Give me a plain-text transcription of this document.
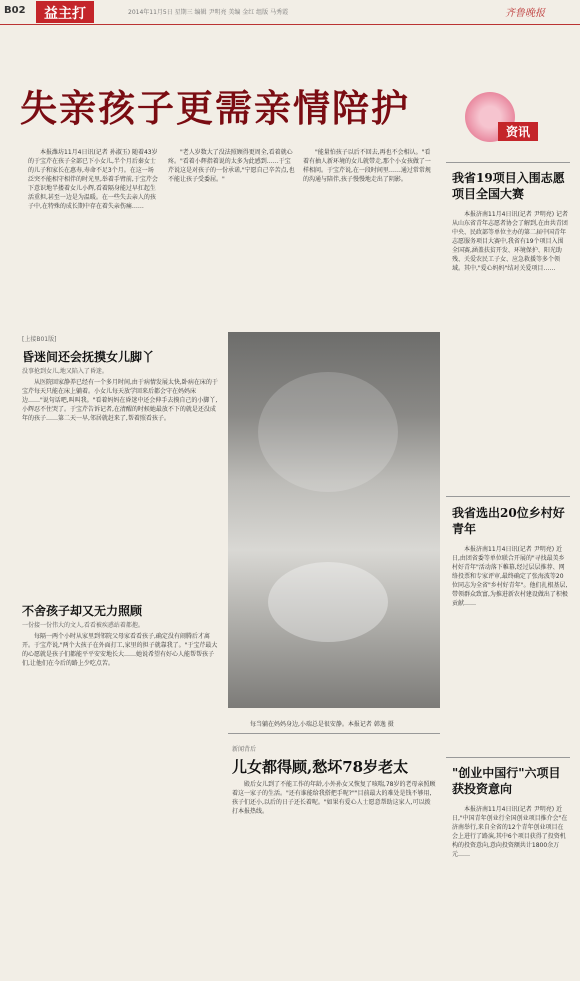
B02	益主打	2014年11月5日 星期三 编辑 尹明亮 美编 金红 组版 马秀霞	齐鲁晚报
失亲孩子更需亲情陪护
资讯

本报潍坊11月4日讯(记者 孙淑玉) 随着43岁的于宝芹在孩子全部已下小女儿,半个月后秦女士的儿子和家长在惠寿,寿命不足3个月。在这一场泛突不能相守相伴的时光里,举着手臂前,于宝芹会下意识地半搂着女儿小辉,看着隔身能过早扛起生活重担,甚至一边是为温暖。在一些失去亲人的孩子中,在特殊的成长期中存在着失亲伤痛……

"老人岁数大了没法照顾得更周全,看着就心疼。"看着小辉指着说的太多为此感到……于宝芹说这是对孩子的一份承诺,"宁愿自己辛苦点,也不能让孩子受委屈。"

"能量怕孩子以后不回去,再也不会相认。"看着有抽人新环境的女儿就带走,那个小女孩做了一样相问。于宝芹说,在一段时间里……通过常常规的沟通与陪伴,孩子慢慢地走出了阴影。

[上接B01版]
昏迷间还会抚摸女儿脚丫
没事抢到女儿,地又陷入了昏迷。

从医院回家静养已经有一个多月时间,由于病情发展太快,卧病在床的于宝芹每天只能在床上躺着。小女儿每天放学回来后都会守在妈妈床边……"说句话吧,叫叫我。"看着妈妈在昏迷中还会伸手去摸自己的小脚丫,小辉忍不住哭了。于宝芹告诉记者,在清醒的时候她最放不下的就是还没成年的孩子……第二天一早,邻居就赶来了,帮着照看孩子。

不舍孩子却又无力照顾
一份接一份伟大的文人,看看被疾惑站着都抱。

每隔一两个小时从家里到邻院父母家看看孩子,确定没有闹腾后才离开。于宝芹说,"两个大孩子在外面打工,家里的担子就靠我了。"于宝芹最大的心愿就是孩子们都能平平安安地长大……她说希望有好心人能帮帮孩子们,让他们在今后的路上少吃点苦。

每当躺在妈妈身边,小瑞总是很安静。本报记者 韩逸 摄
新闻背后
儿女都得顾,愁坏78岁老太

殿后女儿到了不能工作的年龄,小外孙女又恢复了咳喘,78岁的老母亲照顾着这一家子的生活。"还有谁能给我搭把手呢?""目前最大的难处是钱不够用,孩子们还小,以后的日子还长着呢。"如果有爱心人士愿意帮助这家人,可以拨打本报热线。

我省19项目入围志愿项目全国大赛

本报济南11月4日讯(记者 尹明亮) 记者从山东省青年志愿者协会了解到,在由共青团中央、民政部等单位主办的第二届中国青年志愿服务项目大赛中,我省有19个项目入围全国赛,涵盖扶贫开发、环境保护、阳光助残、关爱农民工子女、应急救援等多个领域。其中,"爱心妈妈"结对关爱项目……

我省选出20位乡村好青年

本报济南11月4日讯(记者 尹明亮) 近日,由团省委等单位联合开展的"寻找最美乡村好青年"活动落下帷幕,经过层层推荐、网络投票和专家评审,最终确定了张海波等20位同志为全省"乡村好青年"。他们扎根基层,带领群众致富,为推进新农村建设做出了积极贡献……

"创业中国行"六项目获投资意向

本报济南11月4日讯(记者 尹明亮) 近日,"中国青年创业行全国创业项目推介会"在济南举行,来自全省的12个青年创业项目在会上进行了路演,其中6个项目获得了投资机构的投资意向,意向投资额共计1800余万元……
